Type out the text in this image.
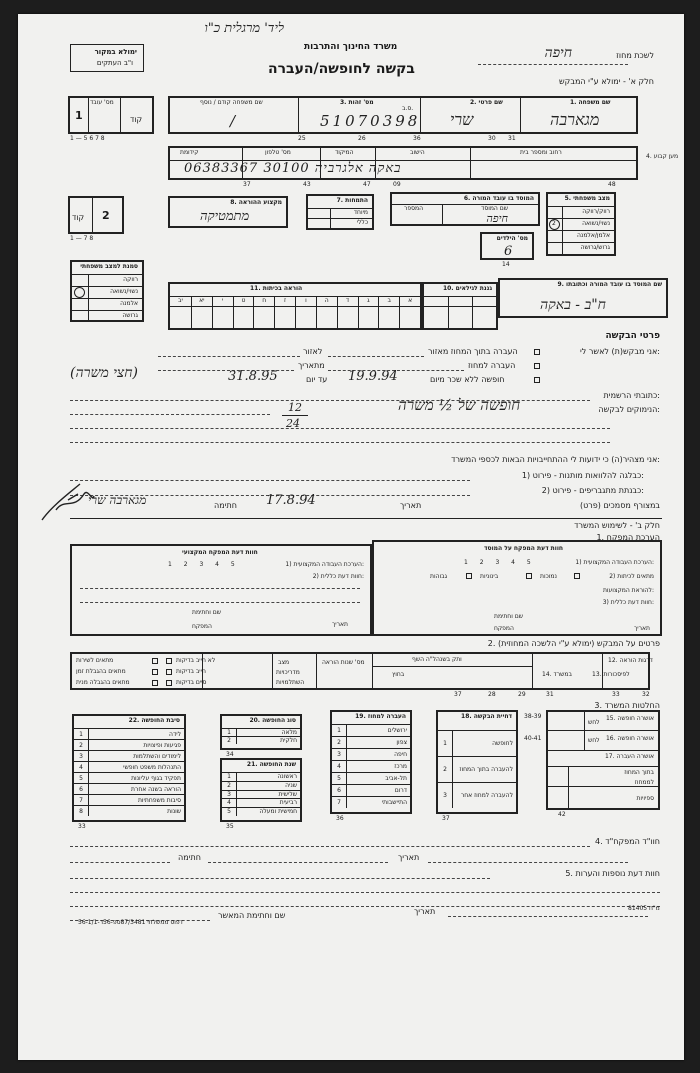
ליד' מרגלית כ"ו
ימולא במקור
ו"ב העתקים
משרד החינוך והתרבות
בקשה לחופשה/העברה
לשכת מחוז
חיפה
חלק א' - ימולא ע"י המבקש
מס' עובד
קוד
1
1 — 5 6 7 8
שם משפחה קודם / נוסף
/
3. מס' זהות
51070398
ס.ב.
2. שם פרטי
שרי
1. שם משפחה
מגארבה
25	26	36	30 31
קידומת	מס' טלפון	המיקוד	הישוב	רחוב ומספר בית
באקה אלגרביה 30100 06383367
4. מען קבוע
37	43	47	09	48
קוד 2
1 — 7 8
8. מקצוע ההוראה
מתמטיקה
7. התמחות
מיוחד
כללי
6. המוסד בו עובד המורה
שם המוסד
המספר
חיפה
5. מצב משפחתי
רווק/רווקה
נשוי/נשואה
אלמן/אלמנה
גרוש/גרושה
2
מס' הילדים
6
14
סמנת למצב משפחתי
רווקה
נשוי/נשואה
אלמנה
גרושה
11. הוראה בכיתות
יב	יא	י	ט	ח	ז	ו	ה	ד	ג	ב	א
10. גננת לגילאים
9. שם המוסד בו עובד המורה וכתובתו
ח"ב - באקה
פרטי הבקשה
אני מבקש(ת) לאשר לי:
העברה בתוך המחוז מאזור
לאזור
העברה למחוז
מתאריך
חופשה ללא שכר מיום
19.9.94
עד יום
31.8.95
(חצי משרה)
כתובתי הרשמית:
הנימוקים לבקשה:
חופשה של ½ משרה
12
24
אני מצהיר(ה) כי ידועות לי ההתחייבויות הבאות לכספי המשרד:
1) כבלגה להלוואות מותנות - פירוט:
2) כבנתת מתגבריפים - פירוט:
במצורף מסמכים (פרט)
תאריך
17.8.94
חתימה
מגארבה שרי
חלק ב' - לשימוש המשרד
1. הערכת המפקח
חוות דעת המפקח המקצועי
1) הערכת העבודה המקצועית:
1 2 3 4 5
2) חוות דעת כללית:
שם וחתימת
תאריך
המפקח
חוות דעת המפקח על המוסד
1) הערכת העבודה המקצועית:
1 2 3 4 5
2) מתאים לכיתות
נמוכות
בינוניות
גבוהות
להוראת המקצועות:
3) חוות דעת כללית:
שם וחתימת
תאריך
המפקח
2. פרטים על המבקש (ימולא ע"י הלשכה המחוזית)
לא חייב בדיקות
חייב בדיקות
סיים בדיקות
מתאים לשירות
מתאים בהגבלת זמן
מתאים בהגבלה מנית
מצב
מדריכויות
השתלמויות
מס' שנות הוראה	ותק בשנהל"ה השף
בחוץ	14. במשרד	13. לפיסכורות
12. דרגות הוראה
37	28	29	31	33	32
3. החלטות המשרד
15. אושרה חופשה
16. אושרה חופשה
לחש
לחש
17. אושרה העברה
בתוך המחוז
לממחוז
ספיויות
38-39
40-41
42
22. סיבת החופשה
1	לידה
2	פגיעות ופיצויות
3	לימודים והשתלמות
4	התנהלות משפט חופשי
5	תפקיד בגוף עליונות
6	הוראה בשנה אחרת
7	סיבות משפחתיות
8	שונות
33
20. סוג החופשה
1	מלאה
2	חלקית
34
21. שנת החופשה
1	ראשונה
2	שניה
3	שלישית
4	רביעית
5	חמישית ומעלה
35
19. העברה למחוז
1	ירושלים
2	צפון
3	חיפה
4	מרכז
5	תל-אביב
6	דרום
7	התיישבותי
36
18. דחיית הבקשה
1	לחופשה
2	להעברה בתוך המחוז
3	להעברה למחוז אחר
37
4. חוו"ד המפקח"ד
תאריך
חתימה
5. חוות דעת נוספות והערות
תאריך
שם וחתימת המאשר
מ"ח 81405
דפוס ממשלתי 87/3481ספ-56ר-56-1/1
